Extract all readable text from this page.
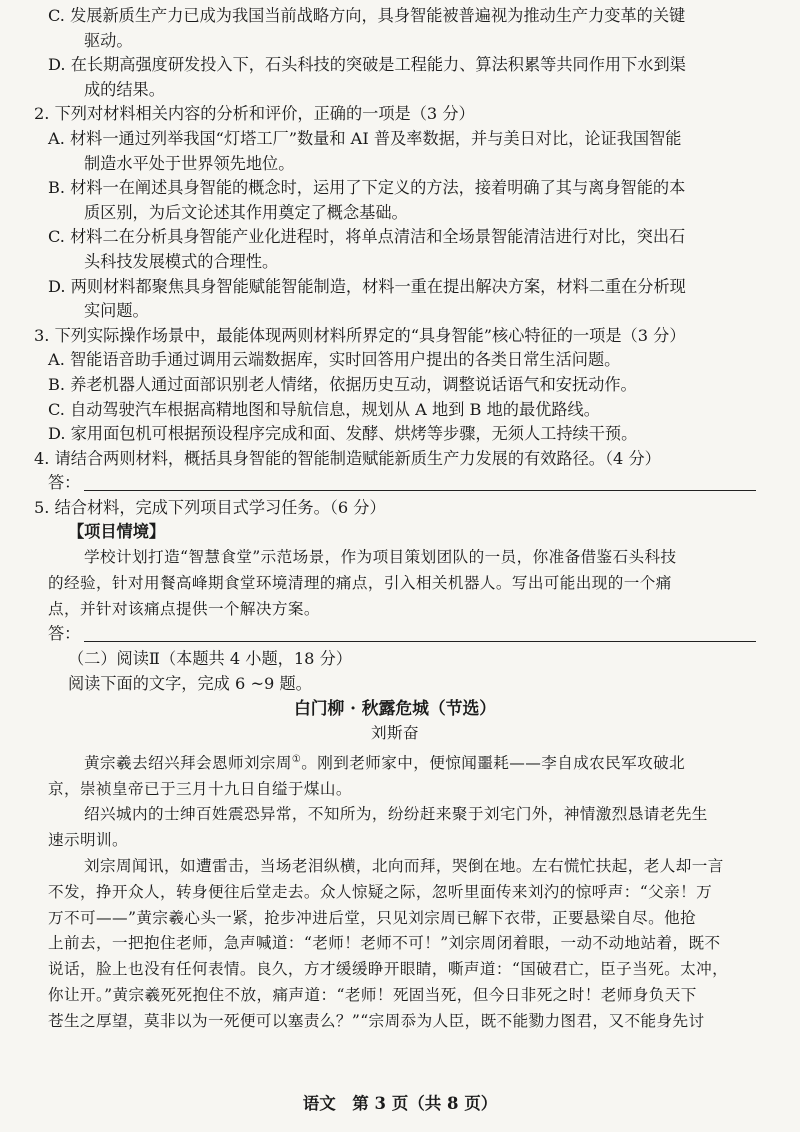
C. 发展新质生产力已成为我国当前战略方向，具身智能被普遍视为推动生产力变革的关键

驱动。

D. 在长期高强度研发投入下，石头科技的突破是工程能力、算法积累等共同作用下水到渠

成的结果。

2. 下列对材料相关内容的分析和评价，正确的一项是（3 分）

A. 材料一通过列举我国“灯塔工厂”数量和 AI 普及率数据，并与美日对比，论证我国智能

制造水平处于世界领先地位。

B. 材料一在阐述具身智能的概念时，运用了下定义的方法，接着明确了其与离身智能的本

质区别，为后文论述其作用奠定了概念基础。

C. 材料二在分析具身智能产业化进程时，将单点清洁和全场景智能清洁进行对比，突出石

头科技发展模式的合理性。

D. 两则材料都聚焦具身智能赋能智能制造，材料一重在提出解决方案，材料二重在分析现

实问题。

3. 下列实际操作场景中，最能体现两则材料所界定的“具身智能”核心特征的一项是（3 分）

A. 智能语音助手通过调用云端数据库，实时回答用户提出的各类日常生活问题。

B. 养老机器人通过面部识别老人情绪，依据历史互动，调整说话语气和安抚动作。

C. 自动驾驶汽车根据高精地图和导航信息，规划从 A 地到 B 地的最优路线。

D. 家用面包机可根据预设程序完成和面、发酵、烘烤等步骤，无须人工持续干预。

4. 请结合两则材料，概括具身智能的智能制造赋能新质生产力发展的有效路径。（4 分）

答：

5. 结合材料，完成下列项目式学习任务。（6 分）

【项目情境】

学校计划打造“智慧食堂”示范场景，作为项目策划团队的一员，你准备借鉴石头科技

的经验，针对用餐高峰期食堂环境清理的痛点，引入相关机器人。写出可能出现的一个痛

点，并针对该痛点提供一个解决方案。

答：

（二）阅读Ⅱ（本题共 4 小题，18 分）

阅读下面的文字，完成 6 ~9 题。

白门柳 · 秋露危城（节选）

刘斯奋

黄宗羲去绍兴拜会恩师刘宗周①。刚到老师家中，便惊闻噩耗——李自成农民军攻破北

京，崇祯皇帝已于三月十九日自缢于煤山。

绍兴城内的士绅百姓震恐异常，不知所为，纷纷赶来聚于刘宅门外，神情激烈恳请老先生

速示明训。

刘宗周闻讯，如遭雷击，当场老泪纵横，北向而拜，哭倒在地。左右慌忙扶起，老人却一言

不发，挣开众人，转身便往后堂走去。众人惊疑之际，忽听里面传来刘汋的惊呼声：“父亲！万

万不可——”黄宗羲心头一紧，抢步冲进后堂，只见刘宗周已解下衣带，正要悬梁自尽。他抢

上前去，一把抱住老师，急声喊道：“老师！老师不可！”刘宗周闭着眼，一动不动地站着，既不

说话，脸上也没有任何表情。良久，方才缓缓睁开眼睛，嘶声道：“国破君亡，臣子当死。太冲，

你让开。”黄宗羲死死抱住不放，痛声道：“老师！死固当死，但今日非死之时！老师身负天下

苍生之厚望，莫非以为一死便可以塞责么？”“宗周忝为人臣，既不能勠力图君，又不能身先讨

语文　第 3 页（共 8 页）
